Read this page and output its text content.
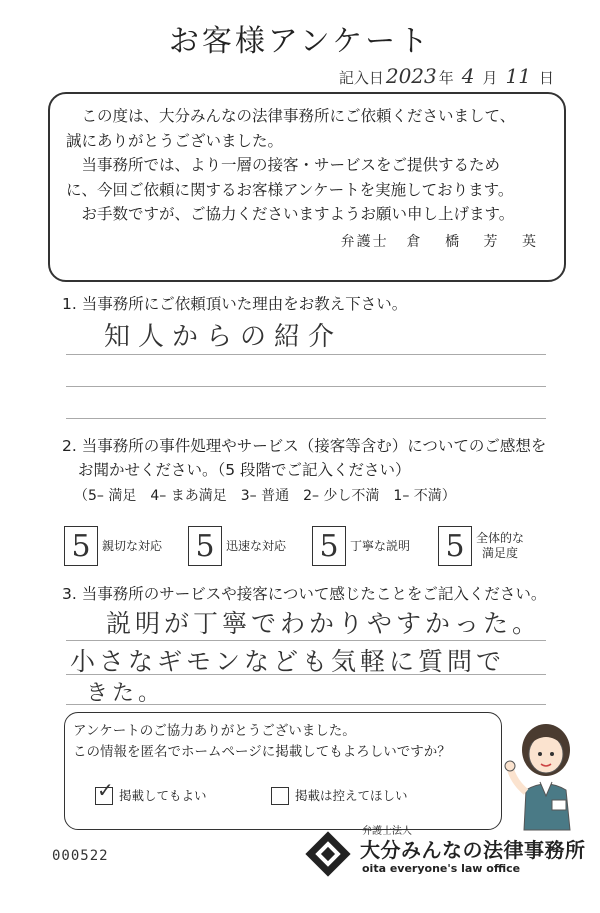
お客様アンケート
記入日 2023 年 4 月 11 日

この度は、大分みんなの法律事務所にご依頼くださいまして、

誠にありがとうございました。

当事務所では、より一層の接客・サービスをご提供するため

に、今回ご依頼に関するお客様アンケートを実施しております。

お手数ですが、ご協力くださいますようお願い申し上げます。

弁護士 倉 橋 芳 英
1. 当事務所にご依頼頂いた理由をお教え下さい。
知人からの紹介
2. 当事務所の事件処理やサービス（接客等含む）についてのご感想を
お聞かせください。（5 段階でご記入ください）
（5– 満足　4– まあ満足　3– 普通　2– 少し不満　1– 不満）
5 親切な対応 5 迅速な対応 5 丁寧な説明 5 全体的な
満足度
3. 当事務所のサービスや接客について感じたことをご記入ください。
説明が丁寧でわかりやすかった。
小さなギモンなども気軽に質問で
きた。

アンケートのご協力ありがとうございました。

この情報を匿名でホームページに掲載してもよろしいですか？

✓ 掲載してもよい	掲載は控えてほしい
000522
弁護士法人
大分みんなの法律事務所
oita everyone's law office
